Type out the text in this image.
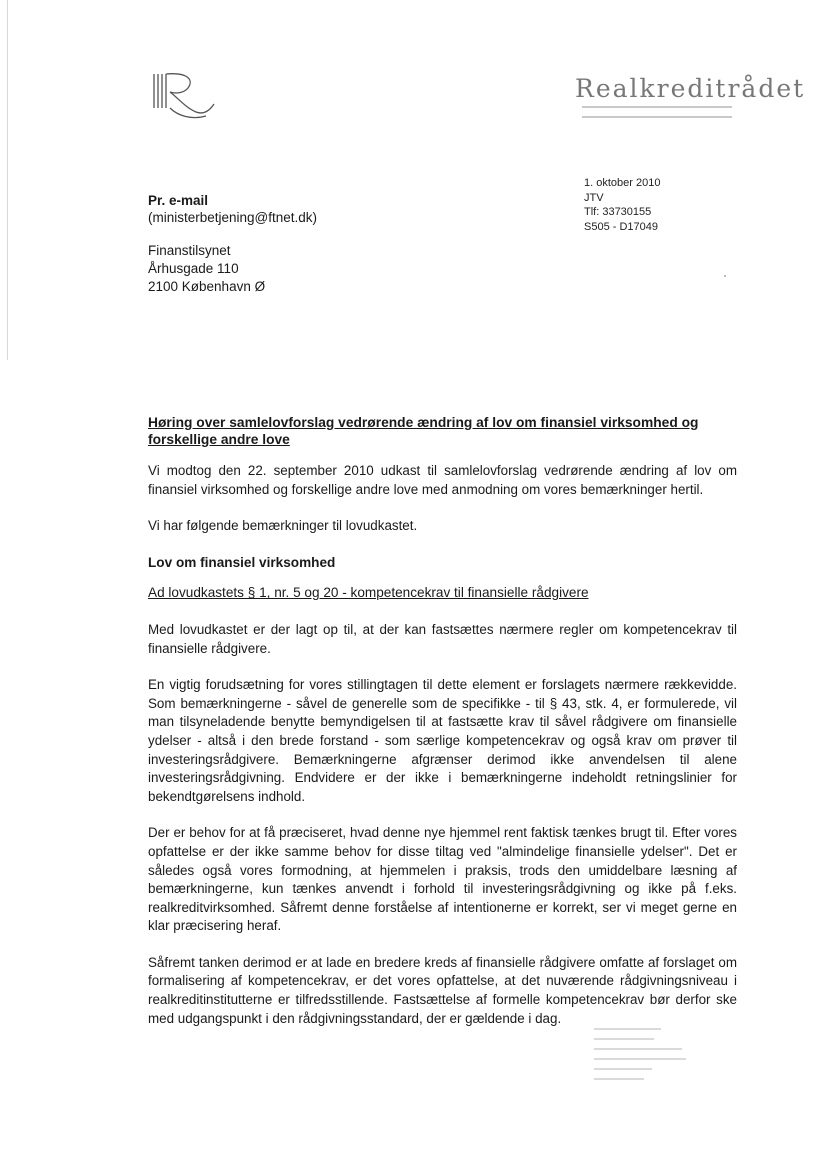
Realkreditrådet
1. oktober 2010
JTV
Tlf: 33730155
S505 - D17049
Pr. e-mail
(ministerbetjening@ftnet.dk)
Finanstilsynet
Århusgade 110
2100 København Ø
Høring over samlelovforslag vedrørende ændring af lov om finansiel virksomhed og forskellige andre love

Vi modtog den 22. september 2010 udkast til samlelovforslag vedrørende ændring af lov om finansiel virksomhed og forskellige andre love med anmodning om vores bemærkninger hertil.

Vi har følgende bemærkninger til lovudkastet.

Lov om finansiel virksomhed
Ad lovudkastets § 1, nr. 5 og 20 - kompetencekrav til finansielle rådgivere

Med lovudkastet er der lagt op til, at der kan fastsættes nærmere regler om kompetencekrav til finansielle rådgivere.

En vigtig forudsætning for vores stillingtagen til dette element er forslagets nærmere rækkevidde. Som bemærkningerne - såvel de generelle som de specifikke - til § 43, stk. 4, er formulerede, vil man tilsyneladende benytte bemyndigelsen til at fastsætte krav til såvel rådgivere om finansielle ydelser - altså i den brede forstand - som særlige kompetencekrav og også krav om prøver til investeringsrådgivere. Bemærkningerne afgrænser derimod ikke anvendelsen til alene investeringsrådgivning. Endvidere er der ikke i bemærkningerne indeholdt retningslinier for bekendtgørelsens indhold.

Der er behov for at få præciseret, hvad denne nye hjemmel rent faktisk tænkes brugt til. Efter vores opfattelse er der ikke samme behov for disse tiltag ved "almindelige finansielle ydelser". Det er således også vores formodning, at hjemmelen i praksis, trods den umiddelbare læsning af bemærkningerne, kun tænkes anvendt i forhold til investeringsrådgivning og ikke på f.eks. realkreditvirksomhed. Såfremt denne forståelse af intentionerne er korrekt, ser vi meget gerne en klar præcisering heraf.

Såfremt tanken derimod er at lade en bredere kreds af finansielle rådgivere omfatte af forslaget om formalisering af kompetencekrav, er det vores opfattelse, at det nuværende rådgivningsniveau i realkreditinstitutterne er tilfredsstillende. Fastsættelse af formelle kompetencekrav bør derfor ske med udgangspunkt i den rådgivningsstandard, der er gældende i dag.
